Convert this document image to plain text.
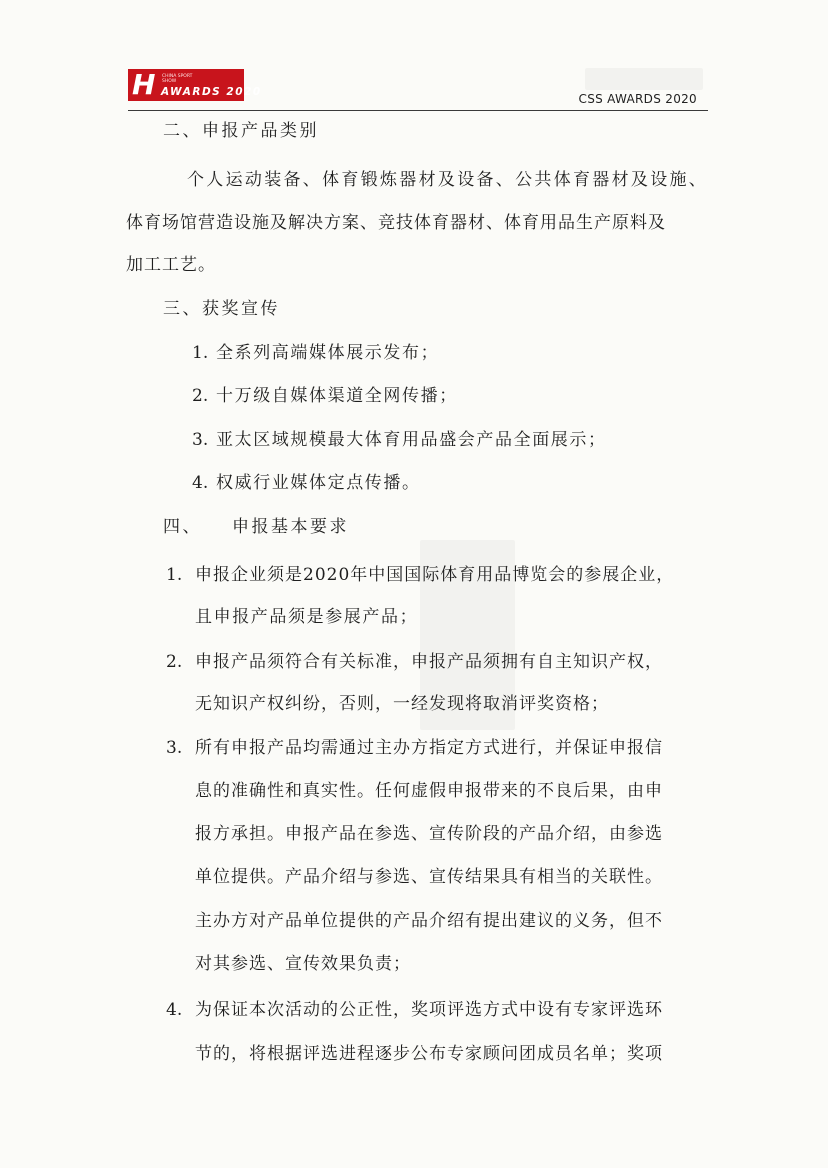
H CHINA SPORT SHOW
AWARDS 2020	CSS AWARDS 2020

二、申报产品类别

个人运动装备、体育锻炼器材及设备、公共体育器材及设施、

体育场馆营造设施及解决方案、竞技体育器材、体育用品生产原料及

加工工艺。

三、获奖宣传

1. 全系列高端媒体展示发布；

2. 十万级自媒体渠道全网传播；

3. 亚太区域规模最大体育用品盛会产品全面展示；

4. 权威行业媒体定点传播。

四、 申报基本要求

1. 申报企业须是2020年中国国际体育用品博览会的参展企业，

且申报产品须是参展产品；

2. 申报产品须符合有关标准，申报产品须拥有自主知识产权，

无知识产权纠纷，否则，一经发现将取消评奖资格；

3. 所有申报产品均需通过主办方指定方式进行，并保证申报信

息的准确性和真实性。任何虚假申报带来的不良后果，由申

报方承担。申报产品在参选、宣传阶段的产品介绍，由参选

单位提供。产品介绍与参选、宣传结果具有相当的关联性。

主办方对产品单位提供的产品介绍有提出建议的义务，但不

对其参选、宣传效果负责；

4. 为保证本次活动的公正性，奖项评选方式中设有专家评选环

节的，将根据评选进程逐步公布专家顾问团成员名单；奖项
